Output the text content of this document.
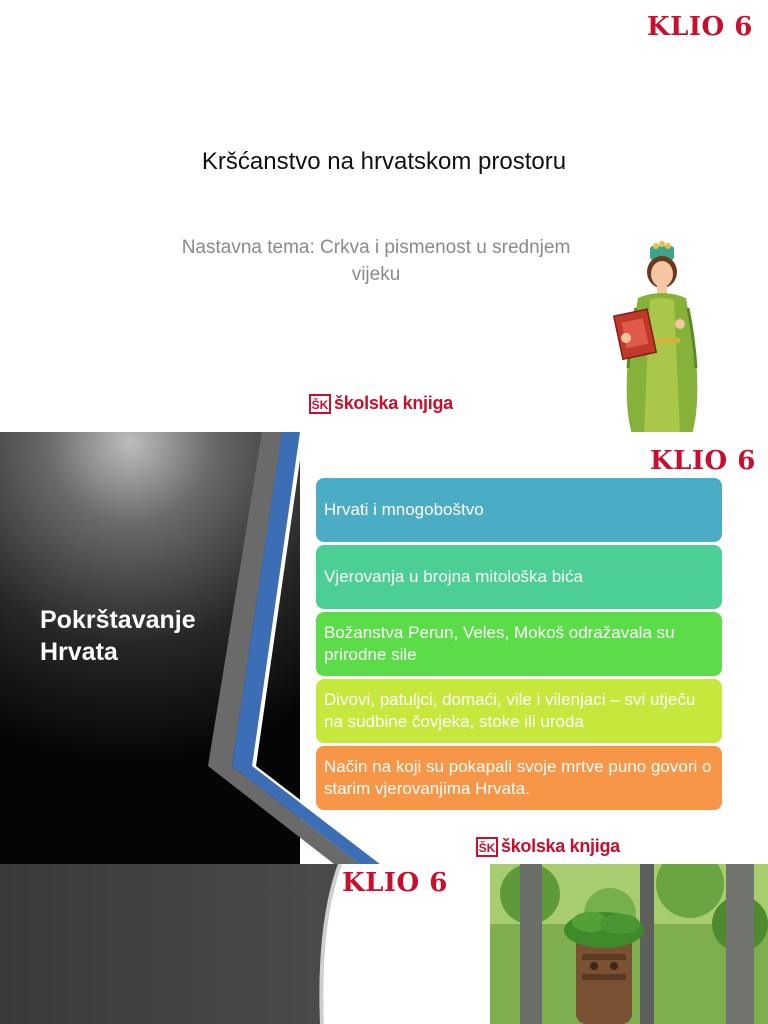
KLIO 6
Kršćanstvo na hrvatskom prostoru
Nastavna tema: Crkva i pismenost u srednjem vijeku
ŠK školska knjiga
Pokrštavanje
Hrvata
KLIO 6
Hrvati i mnogoboštvo
Vjerovanja u brojna mitološka bića
Božanstva Perun, Veles, Mokoš odražavala su prirodne sile
Divovi, patuljci, domaći, vile i vilenjaci – svi utječu na sudbine čovjeka, stoke ili uroda
Način na koji su pokapali svoje mrtve puno govori o starim vjerovanjima Hrvata.
ŠK školska knjiga
KLIO 6
